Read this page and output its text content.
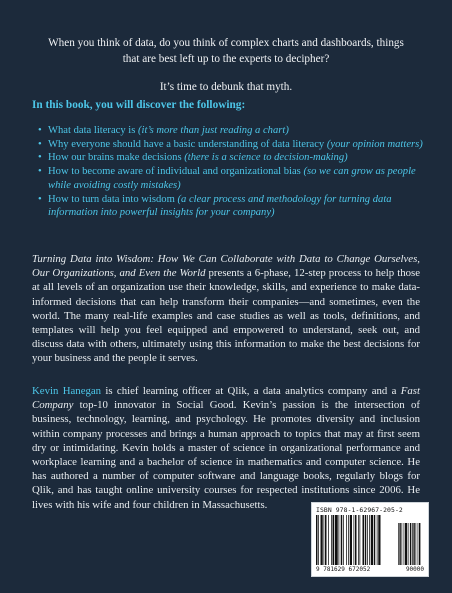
When you think of data, do you think of complex charts and dashboards, things that are best left up to the experts to decipher?

It’s time to debunk that myth.

In this book, you will discover the following:
• What data literacy is (it’s more than just reading a chart)
• Why everyone should have a basic understanding of data literacy (your opinion matters)
• How our brains make decisions (there is a science to decision-making)
• How to become aware of individual and organizational bias (so we can grow as people while avoiding costly mistakes)
• How to turn data into wisdom (a clear process and methodology for turning data information into powerful insights for your company)

Turning Data into Wisdom: How We Can Collaborate with Data to Change Ourselves, Our Organizations, and Even the World presents a 6-phase, 12-step process to help those at all levels of an organization use their knowledge, skills, and experience to make data-informed decisions that can help transform their companies—and sometimes, even the world. The many real-life examples and case studies as well as tools, definitions, and templates will help you feel equipped and empowered to understand, seek out, and discuss data with others, ultimately using this information to make the best decisions for your business and the people it serves.

Kevin Hanegan is chief learning officer at Qlik, a data analytics company and a Fast Company top-10 innovator in Social Good. Kevin’s passion is the intersection of business, technology, learning, and psychology. He promotes diversity and inclusion within company processes and brings a human approach to topics that may at first seem dry or intimidating. Kevin holds a master of science in organizational performance and workplace learning and a bachelor of science in mathematics and computer science. He has authored a number of computer software and language books, regularly blogs for Qlik, and has taught online university courses for respected institutions since 2006. He lives with his wife and four children in Massachusetts.	ISBN 978-1-62967-205-2
9 781629 672052	90000
